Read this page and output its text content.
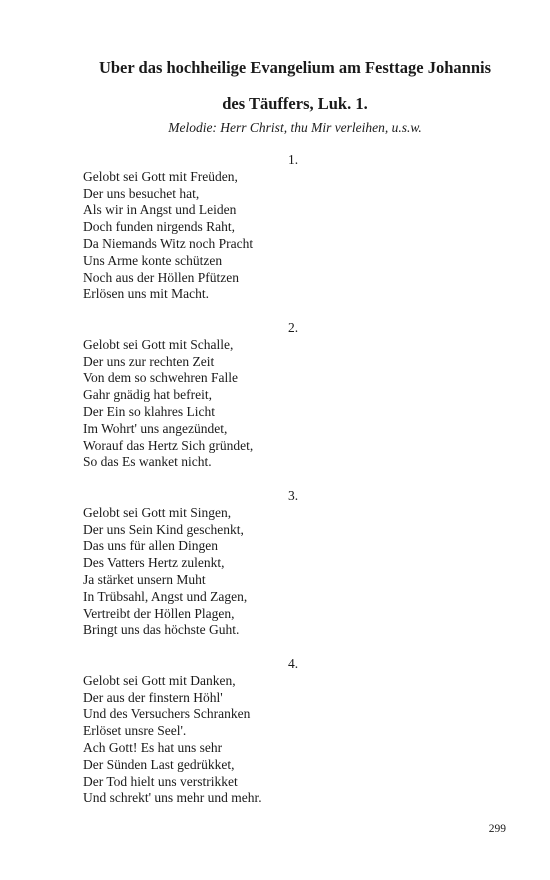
Uber das hochheilige Evangelium am Festtage Johannis
des Täuffers, Luk. 1.

Melodie: Herr Christ, thu Mir verleihen, u.s.w.

1.
Gelobt sei Gott mit Freüden,
Der uns besuchet hat,
Als wir in Angst und Leiden
Doch funden nirgends Raht,
Da Niemands Witz noch Pracht
Uns Arme konte schützen
Noch aus der Höllen Pfützen
Erlösen uns mit Macht.
2.
Gelobt sei Gott mit Schalle,
Der uns zur rechten Zeit
Von dem so schwehren Falle
Gahr gnädig hat befreit,
Der Ein so klahres Licht
Im Wohrt' uns angezündet,
Worauf das Hertz Sich gründet,
So das Es wanket nicht.
3.
Gelobt sei Gott mit Singen,
Der uns Sein Kind geschenkt,
Das uns für allen Dingen
Des Vatters Hertz zulenkt,
Ja stärket unsern Muht
In Trübsahl, Angst und Zagen,
Vertreibt der Höllen Plagen,
Bringt uns das höchste Guht.
4.
Gelobt sei Gott mit Danken,
Der aus der finstern Höhl'
Und des Versuchers Schranken
Erlöset unsre Seel'.
Ach Gott! Es hat uns sehr
Der Sünden Last gedrükket,
Der Tod hielt uns verstrikket
Und schrekt' uns mehr und mehr.
299
